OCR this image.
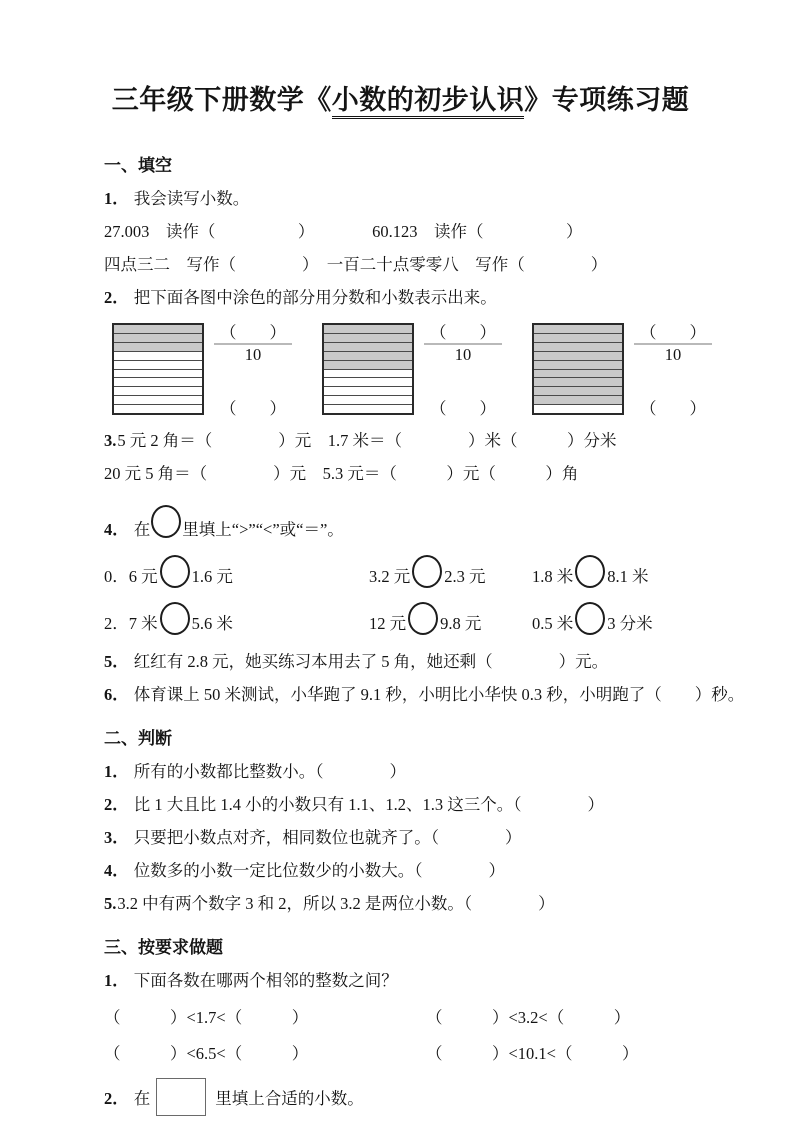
三年级下册数学《小数的初步认识》专项练习题
一、填空
1． 我会读写小数。
27.003　 读作（　　　　　）　　　　	60.123　 读作（　　　　　）
四点三二　 写作（　　　　）　 一百二十点零零八　 写作（　　　　）
2． 把下面各图中涂色的部分用分数和小数表示出来。
$\frac{( )}{10}$
（　　）
$\frac{( )}{10}$
（　　）
$\frac{( )}{10}$
（　　）
3.5 元 2 角＝（　　　　）元　1.7 米＝（　　　　）米（　　　）分米
20 元 5 角＝（　　　　）元　5.3 元＝（　　　）元（　　　）角
4． 在 里填上“>”“<”或“＝”。
0．6 元 1.6 元	3.2 元 2.3 元	1.8 米 8.1 米
2．7 米 5.6 米	12 元 9.8 元	0.5 米 3 分米
5． 红红有 2.8 元，她买练习本用去了 5 角，她还剩（　　　　）元。
6． 体育课上 50 米测试，小华跑了 9.1 秒，小明比小华快 0.3 秒，小明跑了（　　）秒。
二、判断
1． 所有的小数都比整数小。（　　　　）
2． 比 1 大且比 1.4 小的小数只有 1.1、1.2、1.3 这三个。（　　　　）
3． 只要把小数点对齐，相同数位也就齐了。（　　　　）
4． 位数多的小数一定比位数少的小数大。（　　　　）
5.3.2 中有两个数字 3 和 2，所以 3.2 是两位小数。（　　　　）
三、按要求做题
1． 下面各数在哪两个相邻的整数之间？
（　　　）<1.7<（　　　）	（　　　）<3.2<（　　　）
（　　　）<6.5<（　　　）	（　　　）<10.1<（　　　）
2． 在	里填上合适的小数。
